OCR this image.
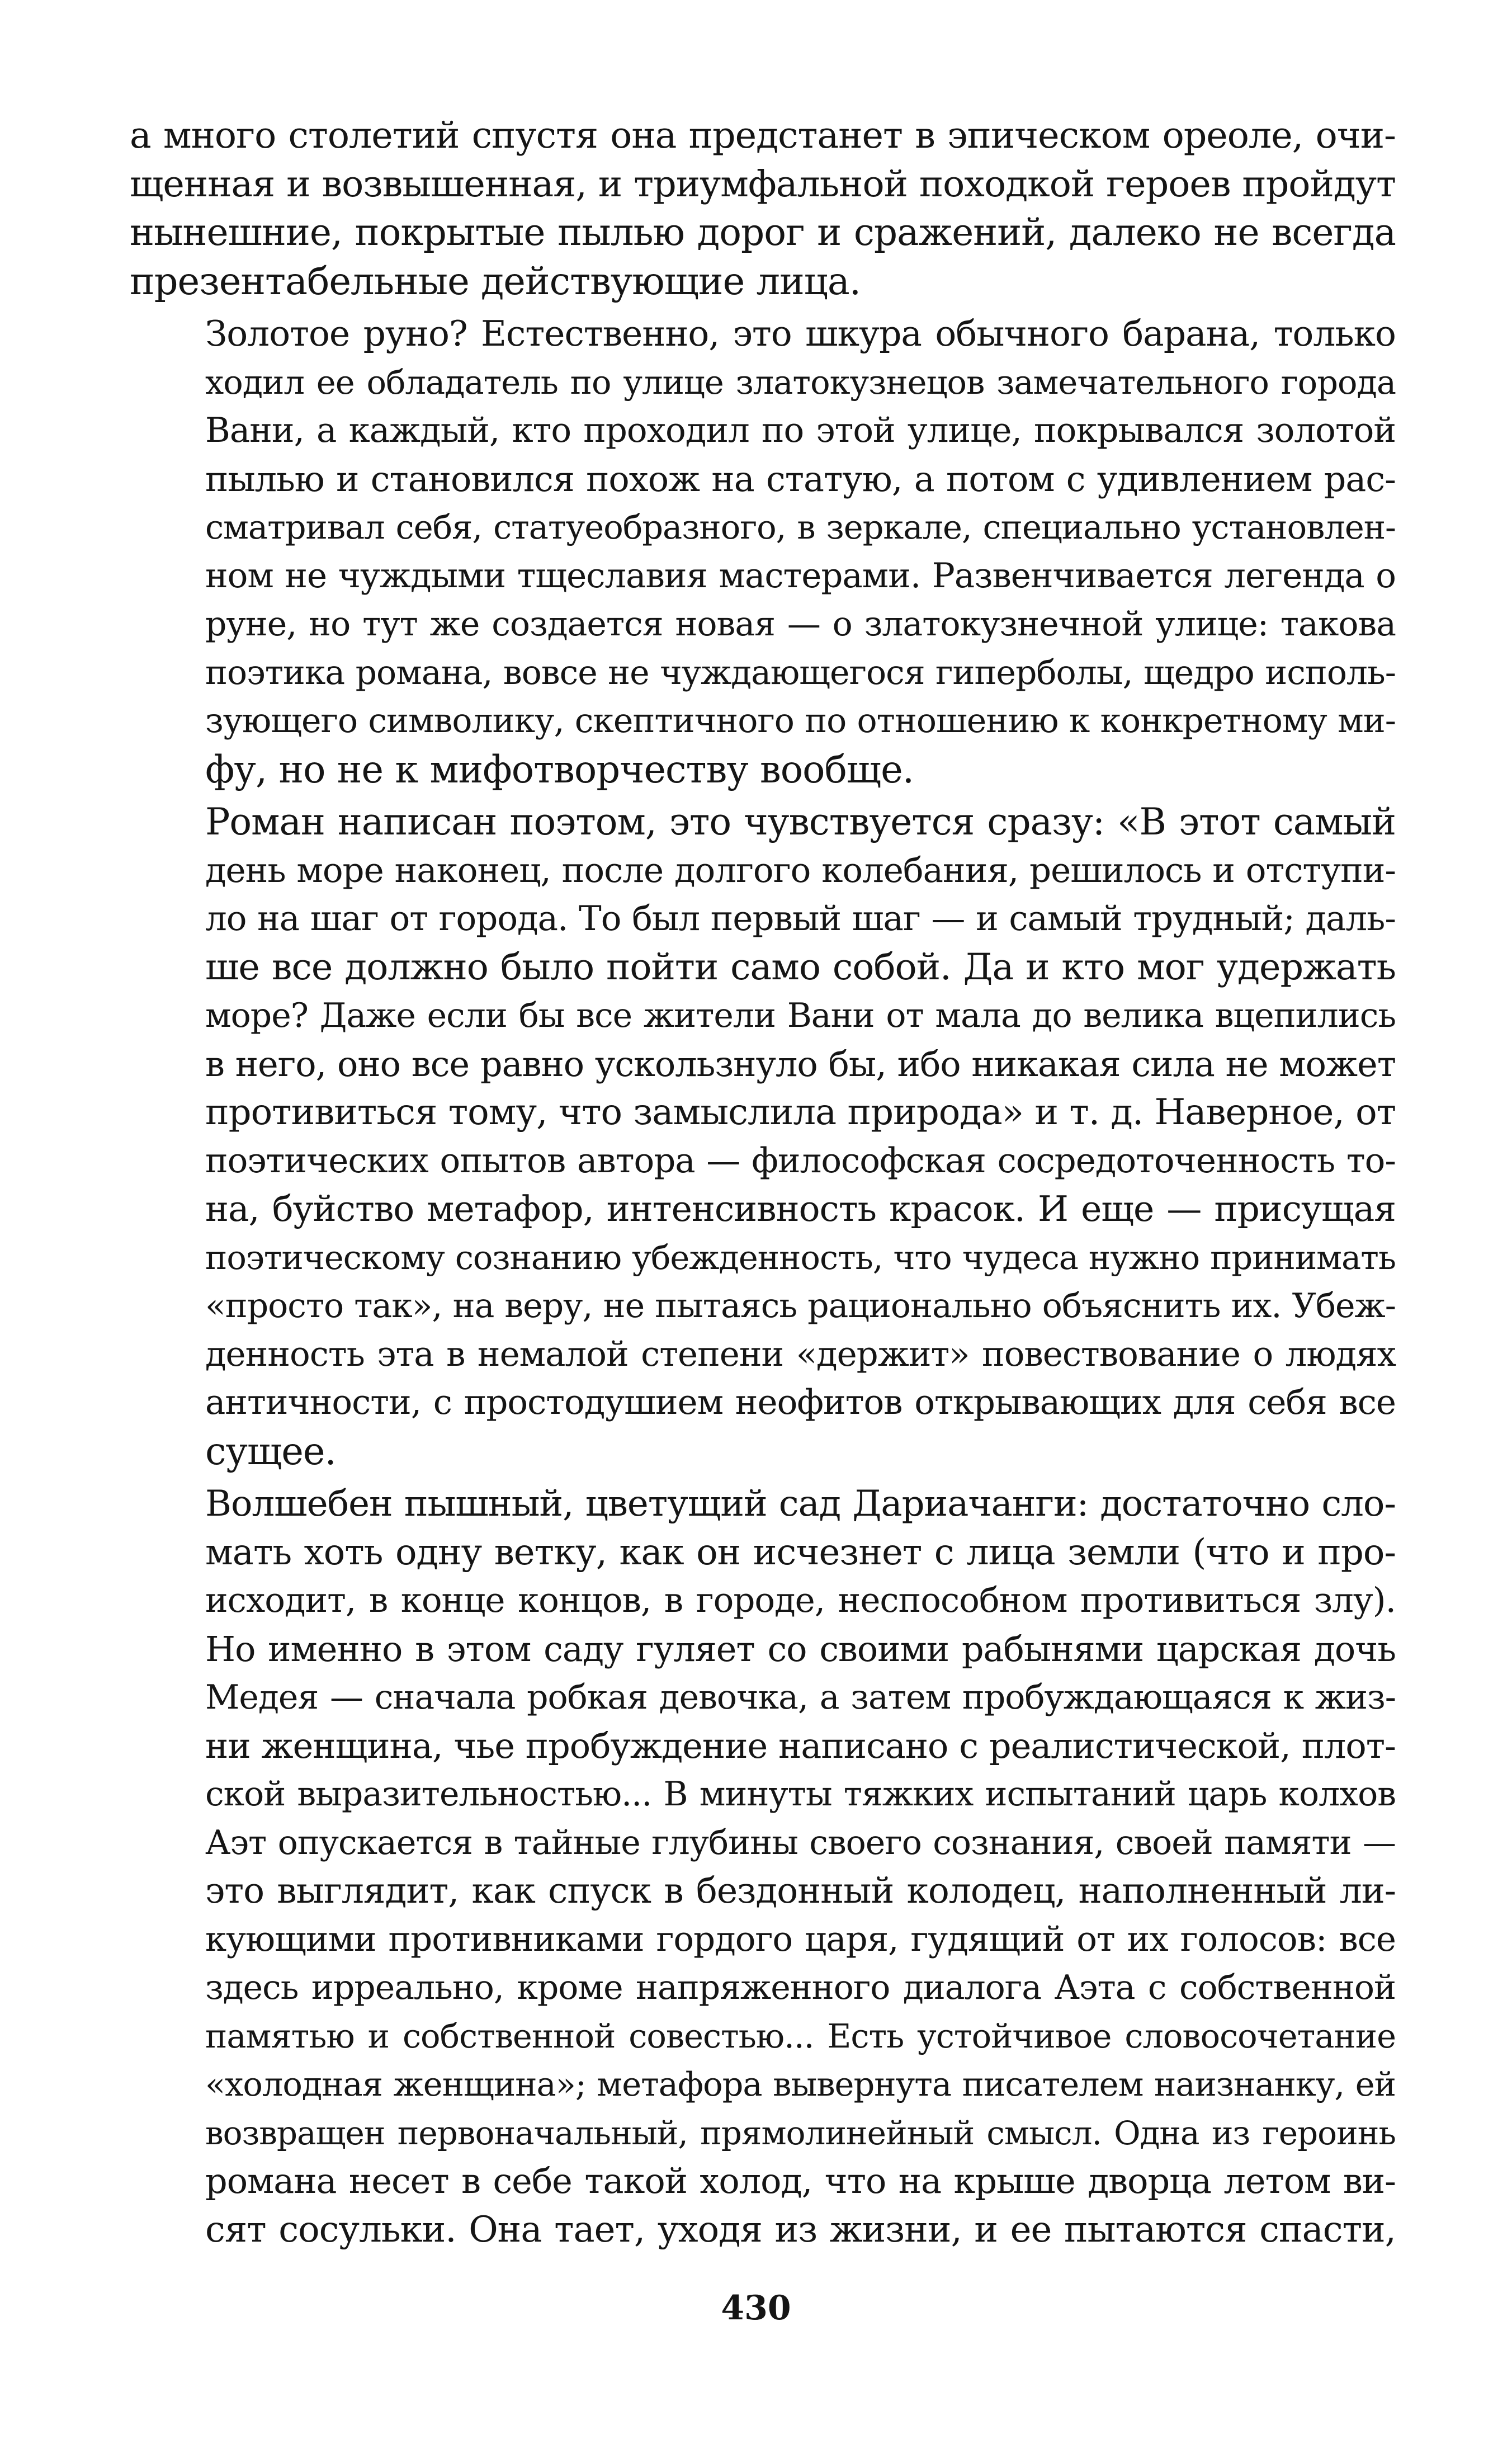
а много столетий спустя она предстанет в эпическом ореоле, очи-
щенная и возвышенная, и триумфальной походкой героев пройдут
нынешние, покрытые пылью дорог и сражений, далеко не всегда
презентабельные действующие лица.

Золотое руно? Естественно, это шкура обычного барана, только
ходил ее обладатель по улице златокузнецов замечательного города
Вани, а каждый, кто проходил по этой улице, покрывался золотой
пылью и становился похож на статую, а потом с удивлением рас-
сматривал себя, статуеобразного, в зеркале, специально установлен-
ном не чуждыми тщеславия мастерами. Развенчивается легенда о
руне, но тут же создается новая — о златокузнечной улице: такова
поэтика романа, вовсе не чуждающегося гиперболы, щедро исполь-
зующего символику, скептичного по отношению к конкретному ми-
фу, но не к мифотворчеству вообще.

Роман написан поэтом, это чувствуется сразу: «В этот самый
день море наконец, после долгого колебания, решилось и отступи-
ло на шаг от города. То был первый шаг — и самый трудный; даль-
ше все должно было пойти само собой. Да и кто мог удержать
море? Даже если бы все жители Вани от мала до велика вцепились
в него, оно все равно ускользнуло бы, ибо никакая сила не может
противиться тому, что замыслила природа» и т. д. Наверное, от
поэтических опытов автора — философская сосредоточенность то-
на, буйство метафор, интенсивность красок. И еще — присущая
поэтическому сознанию убежденность, что чудеса нужно принимать
«просто так», на веру, не пытаясь рационально объяснить их. Убеж-
денность эта в немалой степени «держит» повествование о людях
античности, с простодушием неофитов открывающих для себя все
сущее.

Волшебен пышный, цветущий сад Дариачанги: достаточно сло-
мать хоть одну ветку, как он исчезнет с лица земли (что и про-
исходит, в конце концов, в городе, неспособном противиться злу).
Но именно в этом саду гуляет со своими рабынями царская дочь
Медея — сначала робкая девочка, а затем пробуждающаяся к жиз-
ни женщина, чье пробуждение написано с реалистической, плот-
ской выразительностью... В минуты тяжких испытаний царь колхов
Аэт опускается в тайные глубины своего сознания, своей памяти —
это выглядит, как спуск в бездонный колодец, наполненный ли-
кующими противниками гордого царя, гудящий от их голосов: все
здесь ирреально, кроме напряженного диалога Аэта с собственной
памятью и собственной совестью... Есть устойчивое словосочетание
«холодная женщина»; метафора вывернута писателем наизнанку, ей
возвращен первоначальный, прямолинейный смысл. Одна из героинь
романа несет в себе такой холод, что на крыше дворца летом ви-
сят сосульки. Она тает, уходя из жизни, и ее пытаются спасти,

430
